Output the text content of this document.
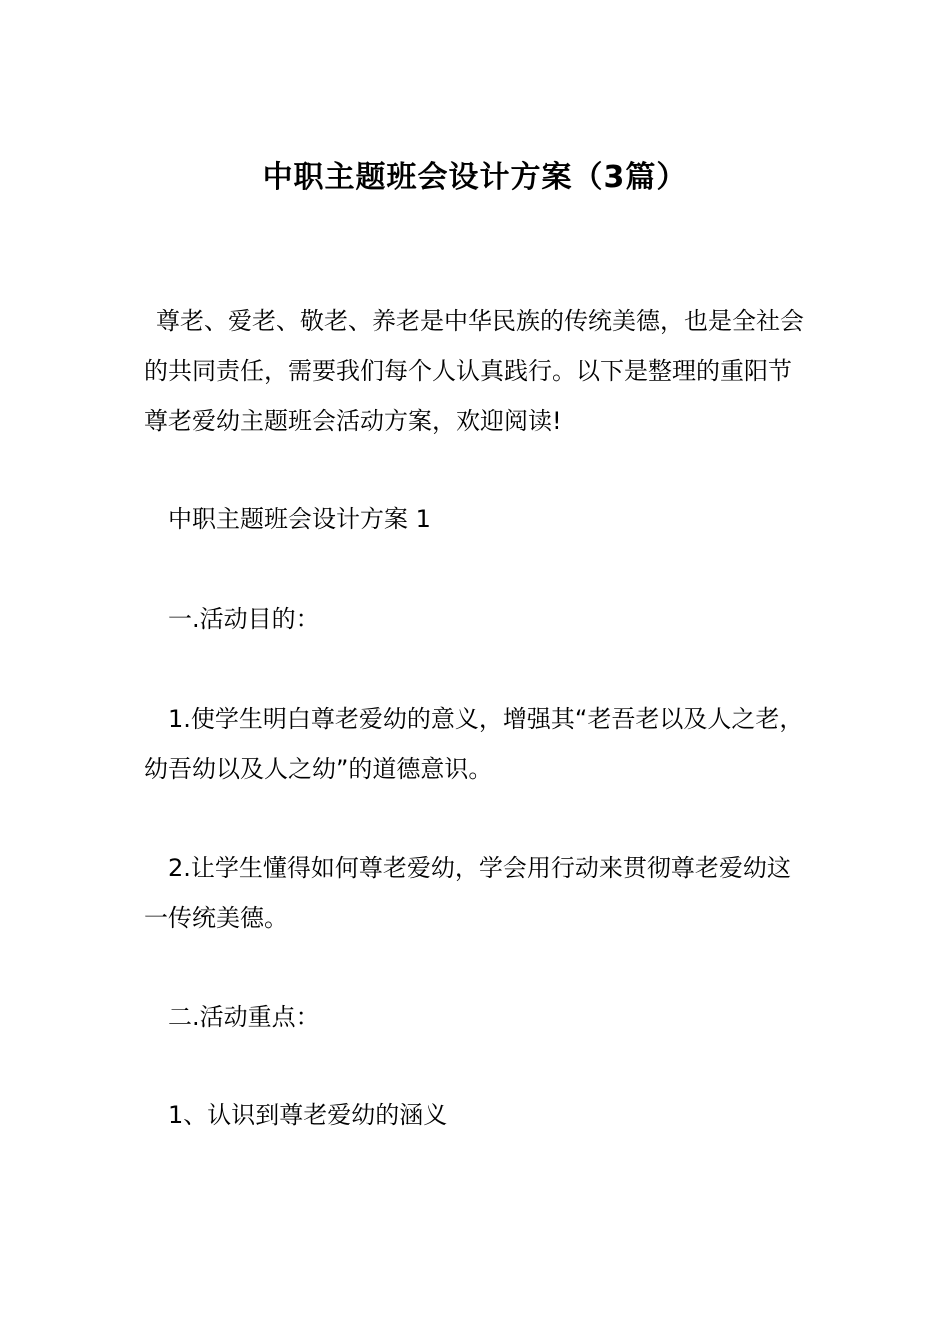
中职主题班会设计方案（3篇）

尊老、爱老、敬老、养老是中华民族的传统美德，也是全社会的共同责任，需要我们每个人认真践行。以下是整理的重阳节尊老爱幼主题班会活动方案，欢迎阅读!

中职主题班会设计方案 1

一.活动目的：

1.使学生明白尊老爱幼的意义，增强其“老吾老以及人之老，幼吾幼以及人之幼”的道德意识。

2.让学生懂得如何尊老爱幼，学会用行动来贯彻尊老爱幼这一传统美德。

二.活动重点：

1、认识到尊老爱幼的涵义
